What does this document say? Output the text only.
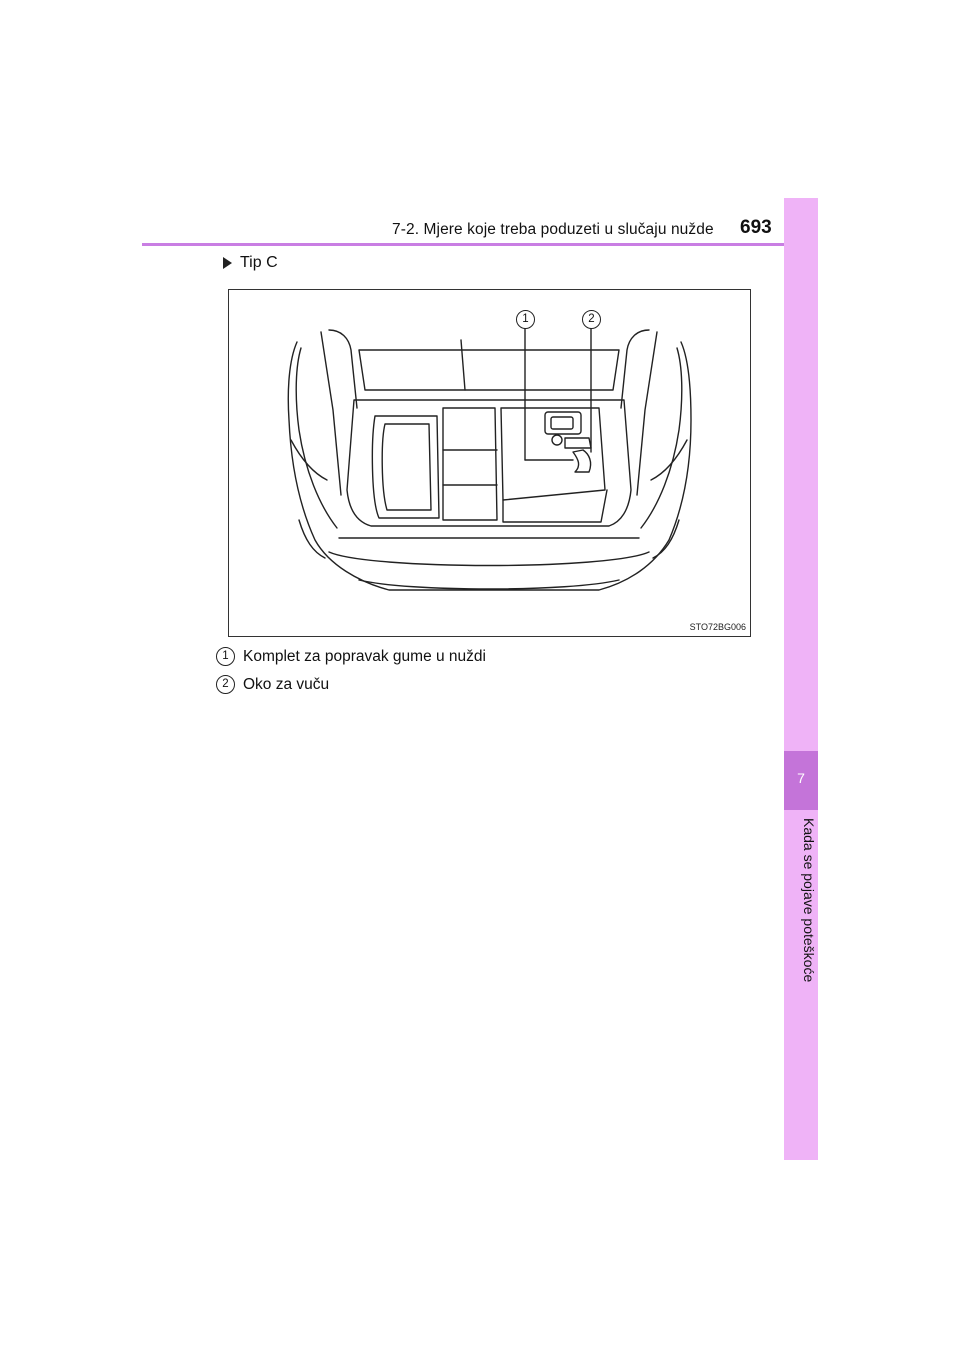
7-2. Mjere koje treba poduzeti u slučaju nužde 693
7
Kada se pojave poteškoće
Tip C
1	2
STO72BG006
1 Komplet za popravak gume u nuždi
2 Oko za vuču
